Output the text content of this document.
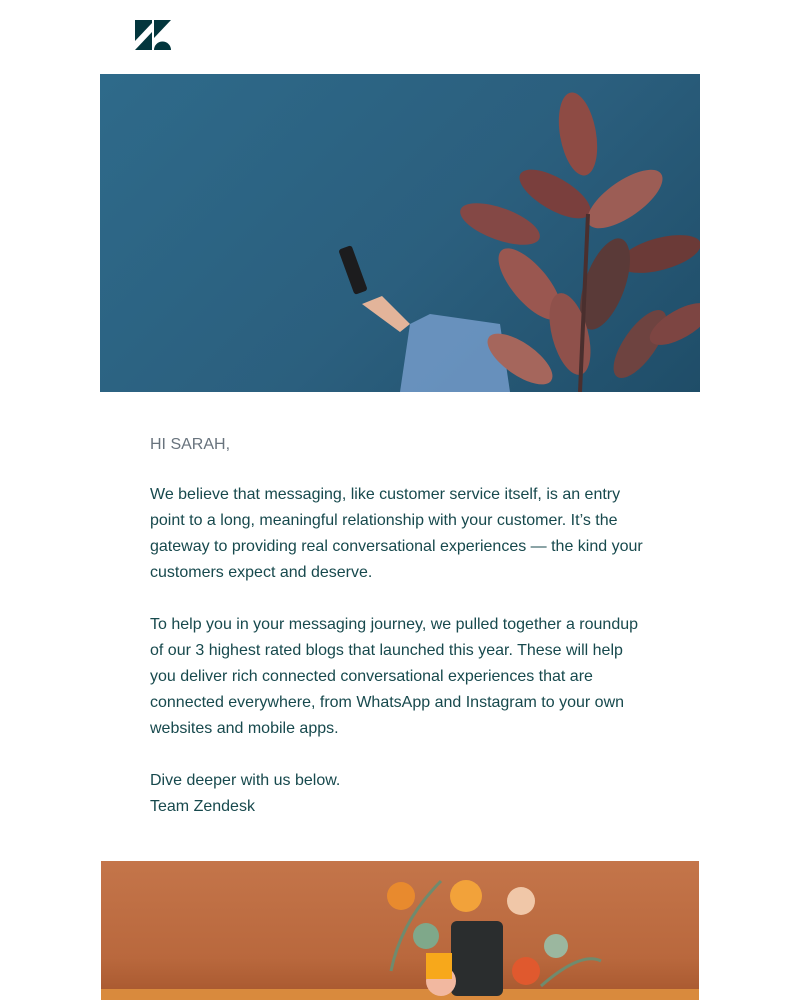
HI SARAH,

We believe that messaging, like customer service itself, is an entry point to a long, meaningful relationship with your customer. It’s the gateway to providing real conversational experiences — the kind your customers expect and deserve.

To help you in your messaging journey, we pulled together a roundup of our 3 highest rated blogs that launched this year. These will help you deliver rich connected conversational experiences that are connected everywhere, from WhatsApp and Instagram to your own websites and mobile apps.

Dive deeper with us below.

Team Zendesk
